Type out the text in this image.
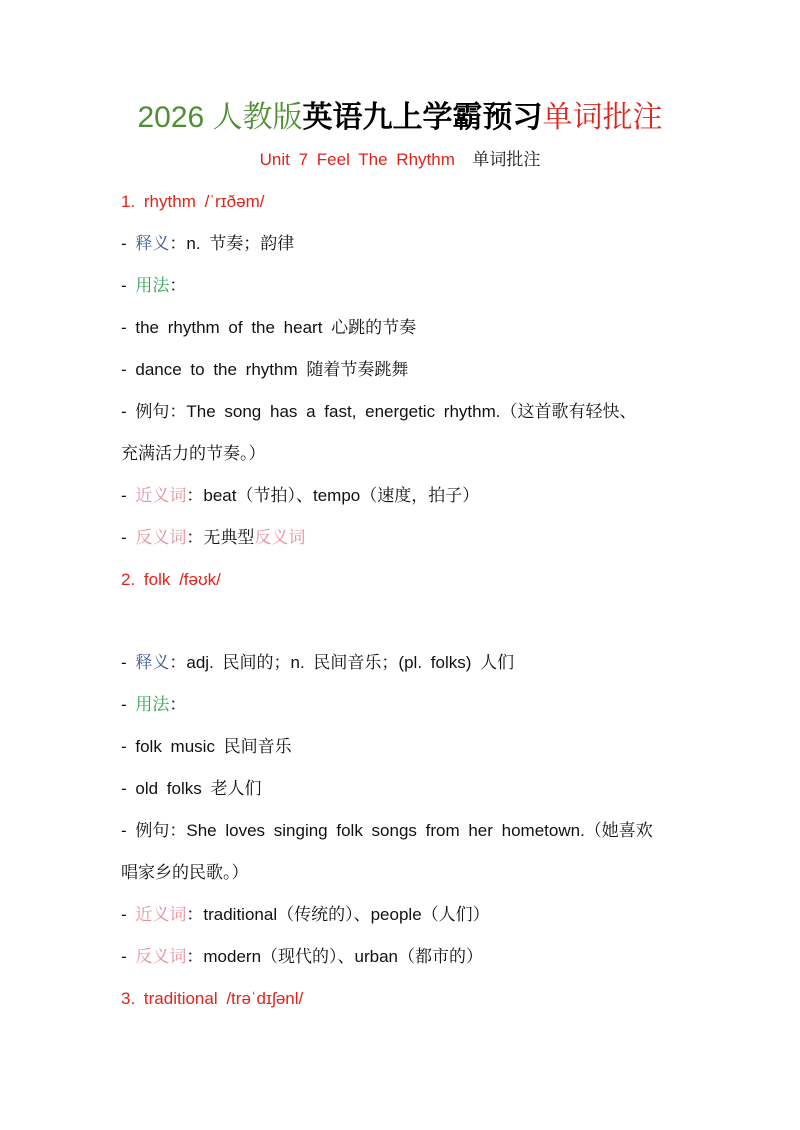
2026 人教版英语九上学霸预习单词批注
Unit 7 Feel The Rhythm 单词批注
1. rhythm /ˈrɪðəm/
- 释义：n. 节奏；韵律
- 用法：
- the rhythm of the heart 心跳的节奏
- dance to the rhythm 随着节奏跳舞
- 例句：The song has a fast, energetic rhythm.（这首歌有轻快、
充满活力的节奏。）
- 近义词：beat（节拍）、tempo（速度，拍子）
- 反义词：无典型反义词
2. folk /fəʊk/
- 释义：adj. 民间的；n. 民间音乐；(pl. folks) 人们
- 用法：
- folk music 民间音乐
- old folks 老人们
- 例句：She loves singing folk songs from her hometown.（她喜欢
唱家乡的民歌。）
- 近义词：traditional（传统的）、people（人们）
- 反义词：modern（现代的）、urban（都市的）
3. traditional /trəˈdɪʃənl/
